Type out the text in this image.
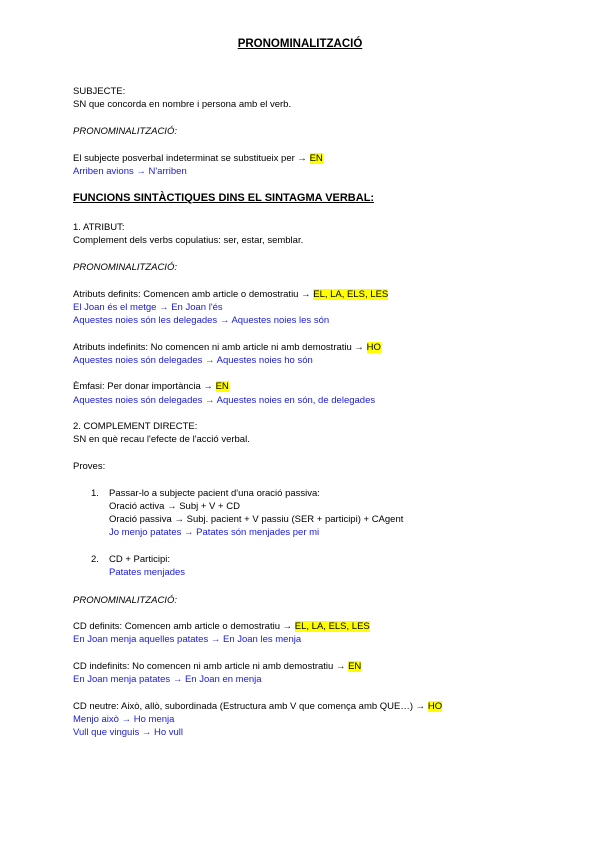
PRONOMINALITZACIÓ
SUBJECTE:
SN que concorda en nombre i persona amb el verb.
PRONOMINALITZACIÓ:
El subjecte posverbal indeterminat se substitueix per → EN
Arriben avions → N'arriben
FUNCIONS SINTÀCTIQUES DINS EL SINTAGMA VERBAL:
1. ATRIBUT:
Complement dels verbs copulatius: ser, estar, semblar.
PRONOMINALITZACIÓ:
Atributs definits: Comencen amb article o demostratiu → EL, LA, ELS, LES
El Joan és el metge → En Joan l'és
Aquestes noies són les delegades → Aquestes noies les són
Atributs indefinits: No comencen ni amb article ni amb demostratiu → HO
Aquestes noies són delegades → Aquestes noies ho són
Èmfasi: Per donar importància → EN
Aquestes noies són delegades → Aquestes noies en són, de delegades
2. COMPLEMENT DIRECTE:
SN en què recau l'efecte de l'acció verbal.
Proves:
1. Passar-lo a subjecte pacient d'una oració passiva:
Oració activa → Subj + V + CD
Oració passiva → Subj. pacient + V passiu (SER + participi) + CAgent
Jo menjo patates → Patates són menjades per mi
2. CD + Participi:
Patates menjades
PRONOMINALITZACIÓ:
CD definits: Comencen amb article o demostratiu → EL, LA, ELS, LES
En Joan menja aquelles patates → En Joan les menja
CD indefinits: No comencen ni amb article ni amb demostratiu → EN
En Joan menja patates → En Joan en menja
CD neutre: Això, allò, subordinada (Estructura amb V que comença amb QUE…) → HO
Menjo això → Ho menja
Vull que vinguis → Ho vull
